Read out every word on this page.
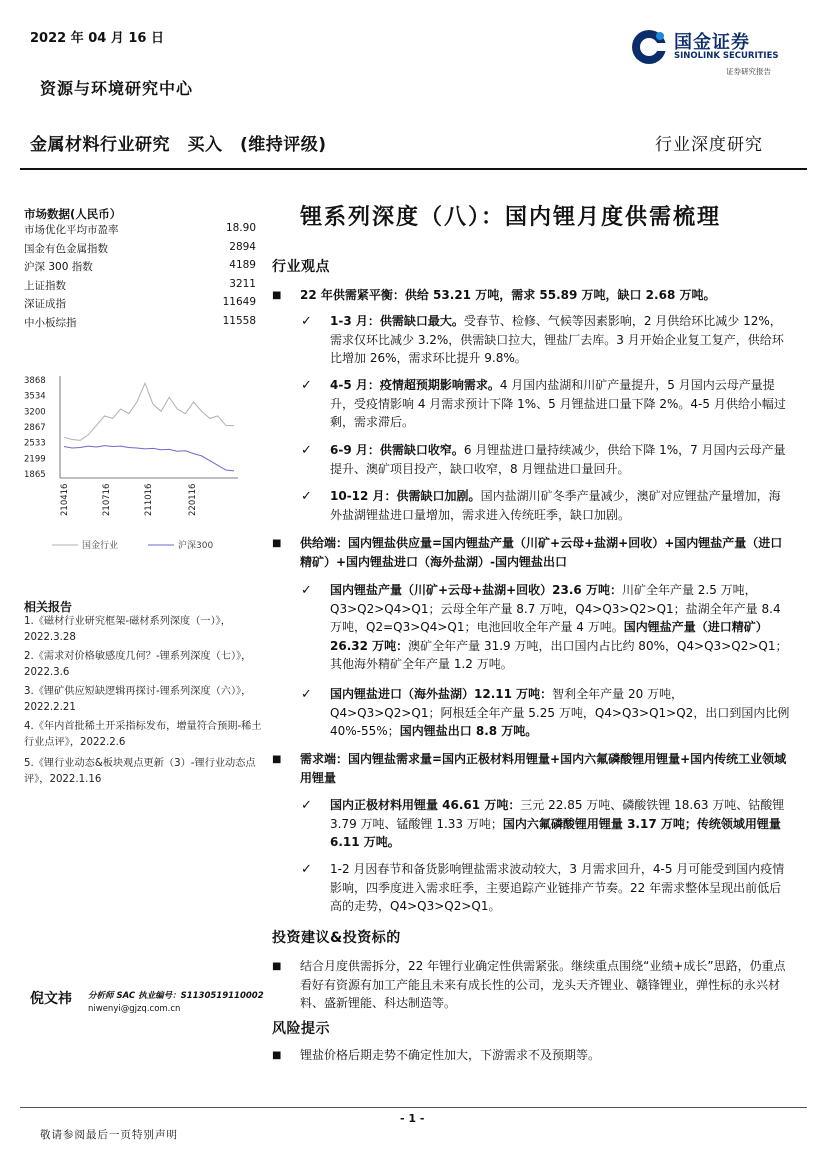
2022 年 04 月 16 日	国金证券
SINOLINK SECURITIES
证券研究报告
资源与环境研究中心
金属材料行业研究　买入　(维持评级)	行业深度研究
锂系列深度（八）：国内锂月度供需梳理
市场数据(人民币）
市场优化平均市盈率	18.90
国金有色金属指数	2894
沪深 300 指数	4189
上证指数	3211
深证成指	11649
中小板综指	11558
3868
3534
3200
2867
2533
2199
1865
210416	210716	211016	220116
国金行业	沪深300
相关报告
1.《磁材行业研究框架-磁材系列深度（一）》，2022.3.28
2.《需求对价格敏感度几何？-锂系列深度（七）》，2022.3.6
3.《锂矿供应短缺逻辑再探讨-锂系列深度（六）》，2022.2.21
4.《年内首批稀土开采指标发布，增量符合预期-稀土行业点评》，2022.2.6
5.《锂行业动态&板块观点更新（3）-锂行业动态点评》，2022.1.16
倪文祎 分析师 SAC 执业编号：S1130519110002
niwenyi@gjzq.com.cn
行业观点
■ 22 年供需紧平衡：供给 53.21 万吨，需求 55.89 万吨，缺口 2.68 万吨。
✓ 1-3 月：供需缺口最大。受春节、检修、气候等因素影响，2 月供给环比减少 12%，需求仅环比减少 3.2%，供需缺口拉大，锂盐厂去库。3 月开始企业复工复产，供给环比增加 26%，需求环比提升 9.8%。
✓ 4-5 月：疫情超预期影响需求。4 月国内盐湖和川矿产量提升，5 月国内云母产量提升，受疫情影响 4 月需求预计下降 1%、5 月锂盐进口量下降 2%。4-5 月供给小幅过剩，需求滞后。
✓ 6-9 月：供需缺口收窄。6 月锂盐进口量持续减少，供给下降 1%，7 月国内云母产量提升、澳矿项目投产，缺口收窄，8 月锂盐进口量回升。
✓ 10-12 月：供需缺口加剧。国内盐湖川矿冬季产量减少，澳矿对应锂盐产量增加，海外盐湖锂盐进口量增加，需求进入传统旺季，缺口加剧。
■ 供给端：国内锂盐供应量=国内锂盐产量（川矿+云母+盐湖+回收）+国内锂盐产量（进口精矿）+国内锂盐进口（海外盐湖）-国内锂盐出口
✓ 国内锂盐产量（川矿+云母+盐湖+回收）23.6 万吨：川矿全年产量 2.5 万吨，Q3>Q2>Q4>Q1；云母全年产量 8.7 万吨，Q4>Q3>Q2>Q1；盐湖全年产量 8.4 万吨，Q2=Q3>Q4>Q1；电池回收全年产量 4 万吨。国内锂盐产量（进口精矿）26.32 万吨：澳矿全年产量 31.9 万吨，出口国内占比约 80%，Q4>Q3>Q2>Q1；其他海外精矿全年产量 1.2 万吨。
✓ 国内锂盐进口（海外盐湖）12.11 万吨：智利全年产量 20 万吨，Q4>Q3>Q2>Q1；阿根廷全年产量 5.25 万吨，Q4>Q3>Q1>Q2，出口到国内比例 40%-55%；国内锂盐出口 8.8 万吨。
■ 需求端：国内锂盐需求量=国内正极材料用锂量+国内六氟磷酸锂用锂量+国内传统工业领域用锂量
✓ 国内正极材料用锂量 46.61 万吨：三元 22.85 万吨、磷酸铁锂 18.63 万吨、钴酸锂 3.79 万吨、锰酸锂 1.33 万吨；国内六氟磷酸锂用锂量 3.17 万吨；传统领域用锂量 6.11 万吨。
✓ 1-2 月因春节和备货影响锂盐需求波动较大，3 月需求回升，4-5 月可能受到国内疫情影响，四季度进入需求旺季，主要追踪产业链排产节奏。22 年需求整体呈现出前低后高的走势，Q4>Q3>Q2>Q1。
投资建议&投资标的
■ 结合月度供需拆分，22 年锂行业确定性供需紧张。继续重点围绕“业绩+成长”思路，仍重点看好有资源有加工产能且未来有成长性的公司，龙头天齐锂业、赣锋锂业，弹性标的永兴材料、盛新锂能、科达制造等。
风险提示
■ 锂盐价格后期走势不确定性加大，下游需求不及预期等。
- 1 -
敬请参阅最后一页特别声明
